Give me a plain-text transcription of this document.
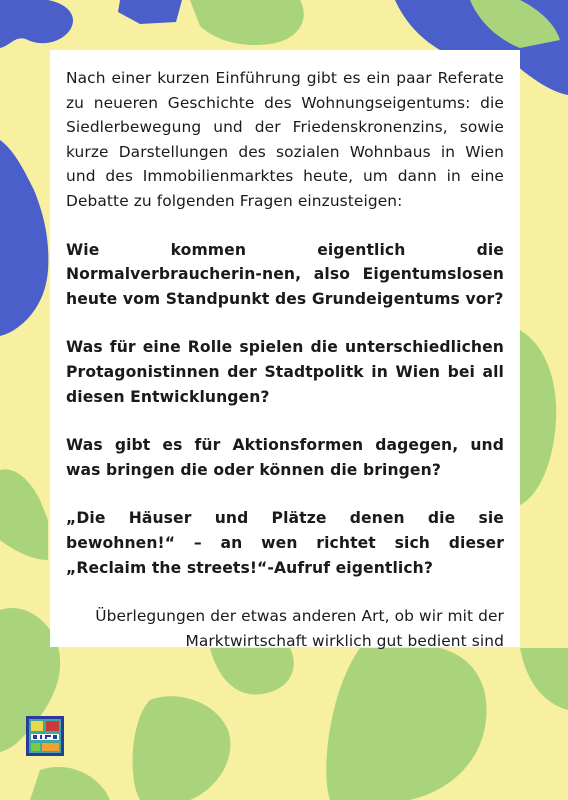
Nach einer kurzen Einführung gibt es ein paar Referate zu neueren Geschichte des Wohnungseigentums: die Siedlerbewegung und der Friedenskronenzins, sowie kurze Darstellungen des sozialen Wohnbaus in Wien und des Immobilienmarktes heute, um dann in eine Debatte zu folgenden Fragen einzusteigen:

Wie kommen eigentlich die Normalverbraucherin-nen, also Eigentumslosen heute vom Standpunkt des Grundeigentums vor?

Was für eine Rolle spielen die unterschiedlichen Protagonistinnen der Stadtpolitk in Wien bei all diesen Entwicklungen?

Was gibt es für Aktionsformen dagegen, und was bringen die oder können die bringen?

„Die Häuser und Plätze denen die sie bewohnen!“ – an wen richtet sich dieser „Reclaim the streets!“-Aufruf eigentlich?

Überlegungen der etwas anderen Art, ob wir mit der Marktwirtschaft wirklich gut bedient sind
